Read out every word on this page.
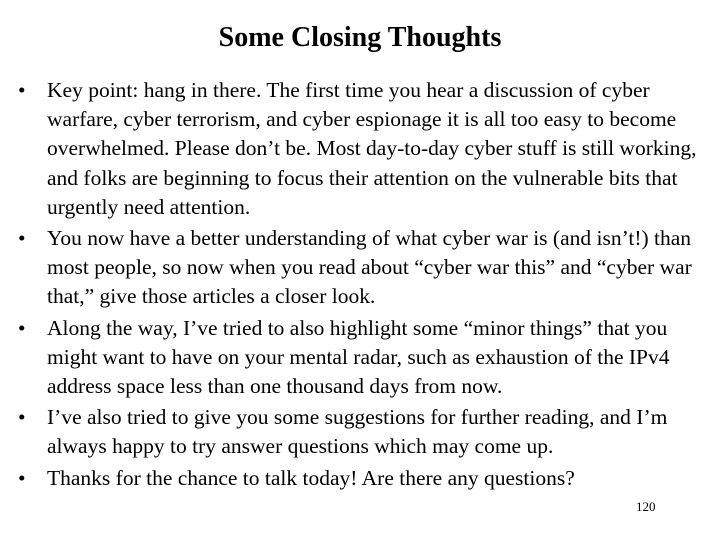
Some Closing Thoughts
• Key point: hang in there. The first time you hear a discussion of cyber warfare, cyber terrorism, and cyber espionage it is all too easy to become overwhelmed. Please don’t be. Most day-to-day cyber stuff is still working, and folks are beginning to focus their attention on the vulnerable bits that urgently need attention.
• You now have a better understanding of what cyber war is (and isn’t!) than most people, so now when you read about “cyber war this” and “cyber war that,” give those articles a closer look.
• Along the way, I’ve tried to also highlight some “minor things” that you might want to have on your mental radar, such as exhaustion of the IPv4 address space less than one thousand days from now.
• I’ve also tried to give you some suggestions for further reading, and I’m always happy to try answer questions which may come up.
• Thanks for the chance to talk today! Are there any questions?
120
